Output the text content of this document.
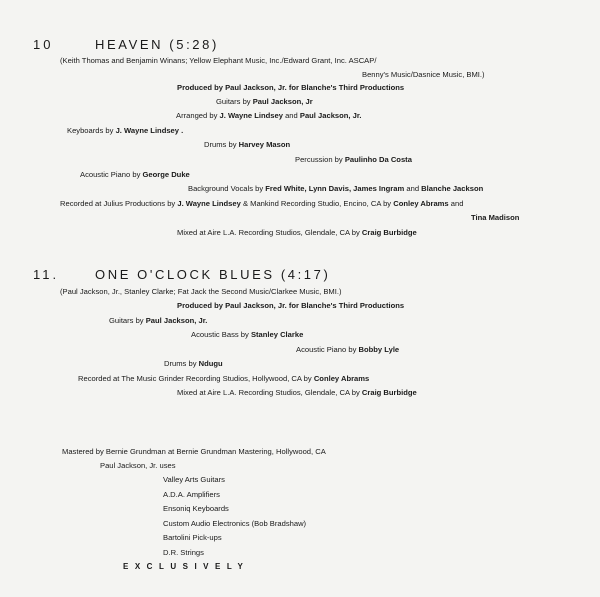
10	HEAVEN (5:28)
(Keith Thomas and Benjamin Winans; Yellow Elephant Music, Inc./Edward Grant, Inc. ASCAP/
Benny's Music/Dasnice Music, BMI.)
Produced by Paul Jackson, Jr. for Blanche's Third Productions
Guitars by Paul Jackson, Jr
Arranged by J. Wayne Lindsey and Paul Jackson, Jr.
Keyboards by J. Wayne Lindsey .
Drums by Harvey Mason
Percussion by Paulinho Da Costa
Acoustic Piano by George Duke
Background Vocals by Fred White, Lynn Davis, James Ingram and Blanche Jackson
Recorded at Julius Productions by J. Wayne Lindsey & Mankind Recording Studio, Encino, CA by Conley Abrams and
Tina Madison
Mixed at Aire L.A. Recording Studios, Glendale, CA by Craig Burbidge
11.	ONE O'CLOCK BLUES (4:17)
(Paul Jackson, Jr., Stanley Clarke; Fat Jack the Second Music/Clarkee Music, BMI.)
Produced by Paul Jackson, Jr. for Blanche's Third Productions
Guitars by Paul Jackson, Jr.
Acoustic Bass by Stanley Clarke
Acoustic Piano by Bobby Lyle
Drums by Ndugu
Recorded at The Music Grinder Recording Studios, Hollywood, CA by Conley Abrams
Mixed at Aire L.A. Recording Studios, Glendale, CA by Craig Burbidge
Mastered by Bernie Grundman at Bernie Grundman Mastering, Hollywood, CA
Paul Jackson, Jr. uses
Valley Arts Guitars
A.D.A. Amplifiers
Ensoniq Keyboards
Custom Audio Electronics (Bob Bradshaw)
Bartolini Pick-ups
D.R. Strings
EXCLUSIVELY
